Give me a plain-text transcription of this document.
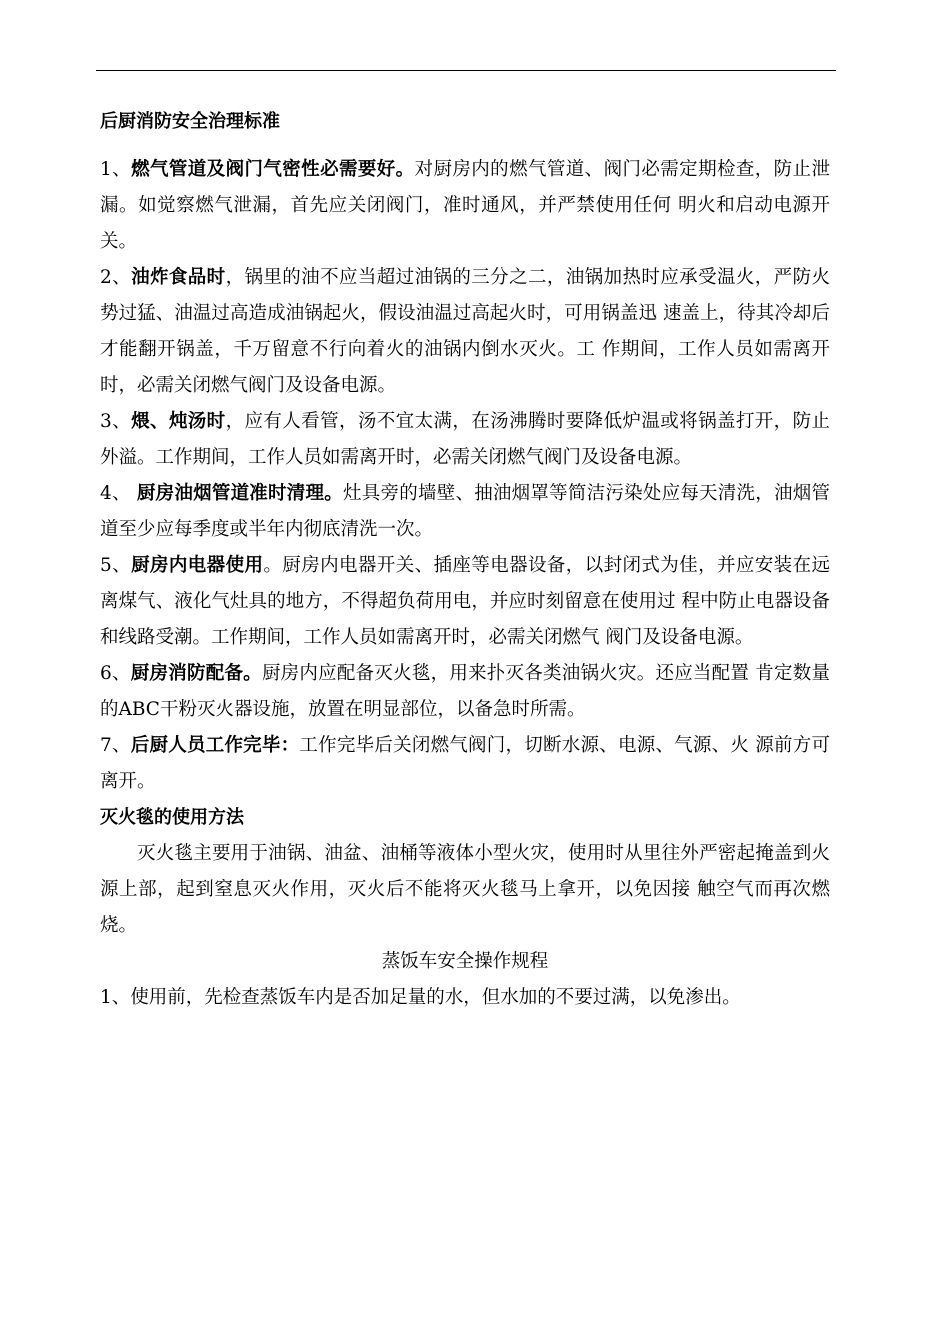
后厨消防安全治理标准

1、燃气管道及阀门气密性必需要好。对厨房内的燃气管道、阀门必需定期检查，防止泄漏。如觉察燃气泄漏，首先应关闭阀门，准时通风，并严禁使用任何 明火和启动电源开关。

2、油炸食品时，锅里的油不应当超过油锅的三分之二，油锅加热时应承受温火，严防火势过猛、油温过高造成油锅起火，假设油温过高起火时，可用锅盖迅 速盖上，待其冷却后才能翻开锅盖，千万留意不行向着火的油锅内倒水灭火。工 作期间，工作人员如需离开时，必需关闭燃气阀门及设备电源。

3、煨、炖汤时，应有人看管，汤不宜太满，在汤沸腾时要降低炉温或将锅盖打开，防止外溢。工作期间，工作人员如需离开时，必需关闭燃气阀门及设备电源。

4、 厨房油烟管道准时清理。灶具旁的墙壁、抽油烟罩等简洁污染处应每天清洗，油烟管道至少应每季度或半年内彻底清洗一次。

5、厨房内电器使用。厨房内电器开关、插座等电器设备，以封闭式为佳，并应安装在远离煤气、液化气灶具的地方，不得超负荷用电，并应时刻留意在使用过 程中防止电器设备和线路受潮。工作期间，工作人员如需离开时，必需关闭燃气 阀门及设备电源。

6、厨房消防配备。厨房内应配备灭火毯，用来扑灭各类油锅火灾。还应当配置 肯定数量的ABC干粉灭火器设施，放置在明显部位，以备急时所需。

7、后厨人员工作完毕：工作完毕后关闭燃气阀门，切断水源、电源、气源、火 源前方可离开。

灭火毯的使用方法

灭火毯主要用于油锅、油盆、油桶等液体小型火灾，使用时从里往外严密起掩盖到火源上部，起到窒息灭火作用，灭火后不能将灭火毯马上拿开，以免因接 触空气而再次燃烧。

蒸饭车安全操作规程

1、使用前，先检查蒸饭车内是否加足量的水，但水加的不要过满，以免渗出。
